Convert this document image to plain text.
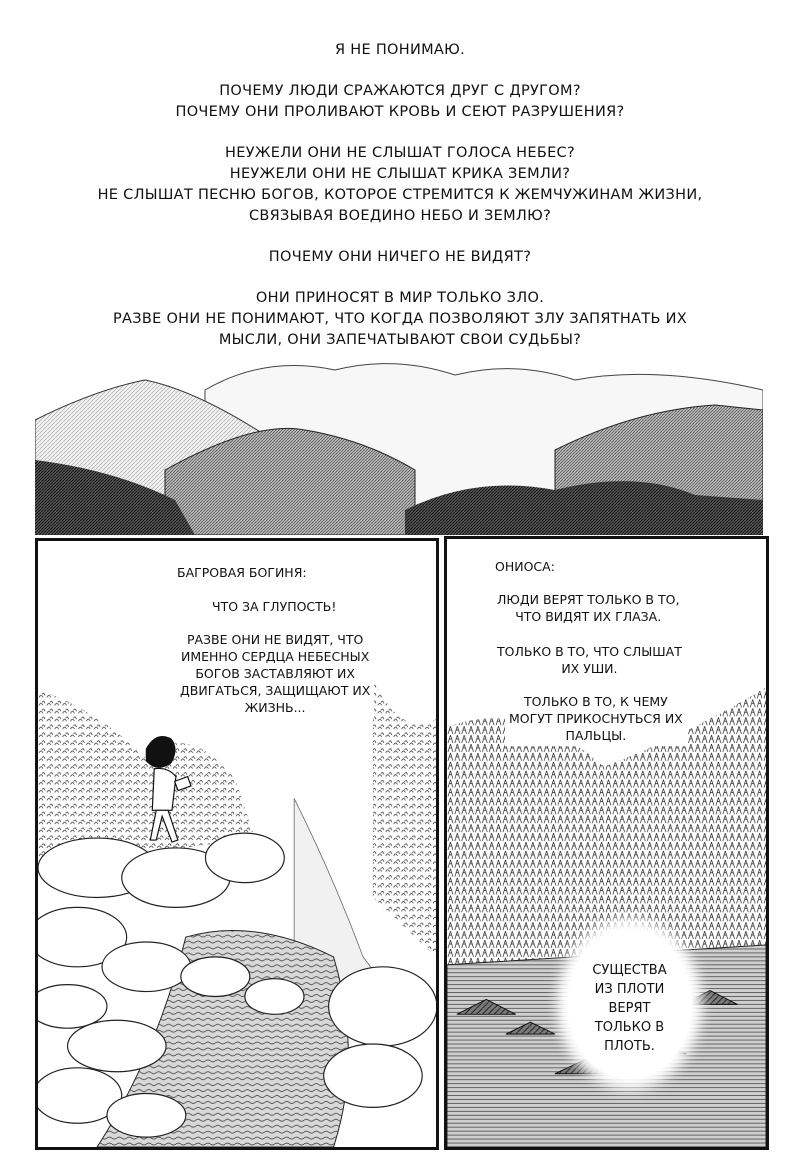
Я НЕ ПОНИМАЮ.

ПОЧЕМУ ЛЮДИ СРАЖАЮТСЯ ДРУГ С ДРУГОМ?
ПОЧЕМУ ОНИ ПРОЛИВАЮТ КРОВЬ И СЕЮТ РАЗРУШЕНИЯ?

НЕУЖЕЛИ ОНИ НЕ СЛЫШАТ ГОЛОСА НЕБЕС?
НЕУЖЕЛИ ОНИ НЕ СЛЫШАТ КРИКА ЗЕМЛИ?
НЕ СЛЫШАТ ПЕСНЮ БОГОВ, КОТОРОЕ СТРЕМИТСЯ К ЖЕМЧУЖИНАМ ЖИЗНИ,
СВЯЗЫВАЯ ВОЕДИНО НЕБО И ЗЕМЛЮ?

ПОЧЕМУ ОНИ НИЧЕГО НЕ ВИДЯТ?

ОНИ ПРИНОСЯТ В МИР ТОЛЬКО ЗЛО.
РАЗВЕ ОНИ НЕ ПОНИМАЮТ, ЧТО КОГДА ПОЗВОЛЯЮТ ЗЛУ ЗАПЯТНАТЬ ИХ
МЫСЛИ, ОНИ ЗАПЕЧАТЫВАЮТ СВОИ СУДЬБЫ?

БАГРОВАЯ БОГИНЯ:
ЧТО ЗА ГЛУПОСТЬ!
РАЗВЕ ОНИ НЕ ВИДЯТ, ЧТО
ИМЕННО СЕРДЦА НЕБЕСНЫХ
БОГОВ ЗАСТАВЛЯЮТ ИХ
ДВИГАТЬСЯ, ЗАЩИЩАЮТ ИХ
ЖИЗНЬ...
ОНИОСА:
ЛЮДИ ВЕРЯТ ТОЛЬКО В ТО,
ЧТО ВИДЯТ ИХ ГЛАЗА.
ТОЛЬКО В ТО, ЧТО СЛЫШАТ
ИХ УШИ.
ТОЛЬКО В ТО, К ЧЕМУ
МОГУТ ПРИКОСНУТЬСЯ ИХ
ПАЛЬЦЫ.
СУЩЕСТВА
ИЗ ПЛОТИ
ВЕРЯТ
ТОЛЬКО В
ПЛОТЬ.
